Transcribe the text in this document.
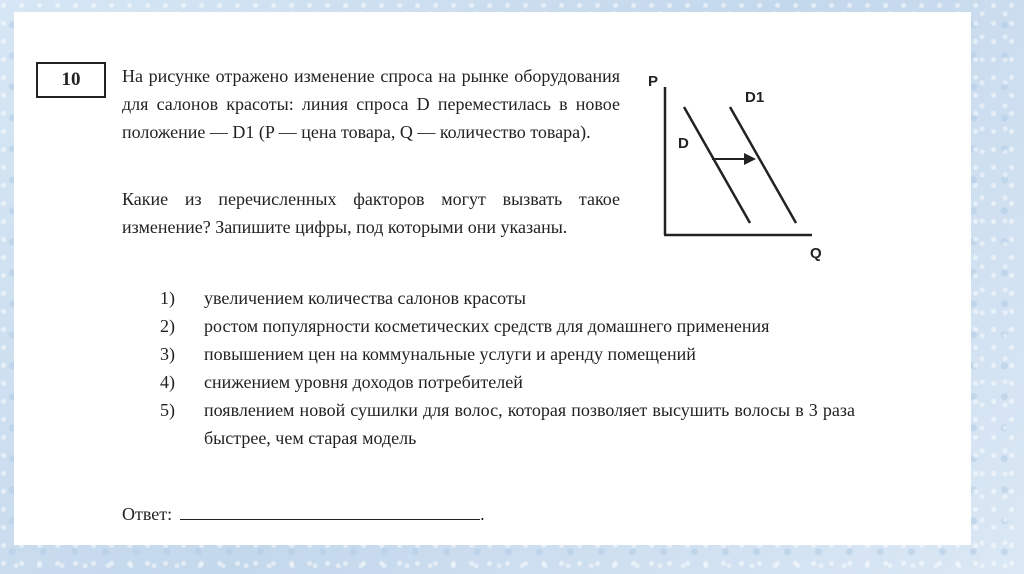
10 На рисунке отражено изменение спроса на рынке оборудования для салонов красоты: линия спроса D переместилась в новое положение — D1 (P — цена товара, Q — количество товара).
Какие из перечисленных факторов могут вызвать такое изменение? Запишите цифры, под которыми они указаны.
1)	увеличением количества салонов красоты
2)	ростом популярности косметических средств для домашнего применения
3)	повышением цен на коммунальные услуги и аренду помещений
4)	снижением уровня доходов потребителей
5)	появлением новой сушилки для волос, которая позволяет высушить волосы в 3 раза быстрее, чем старая модель
Ответ:	.
P
Q
D
D1
